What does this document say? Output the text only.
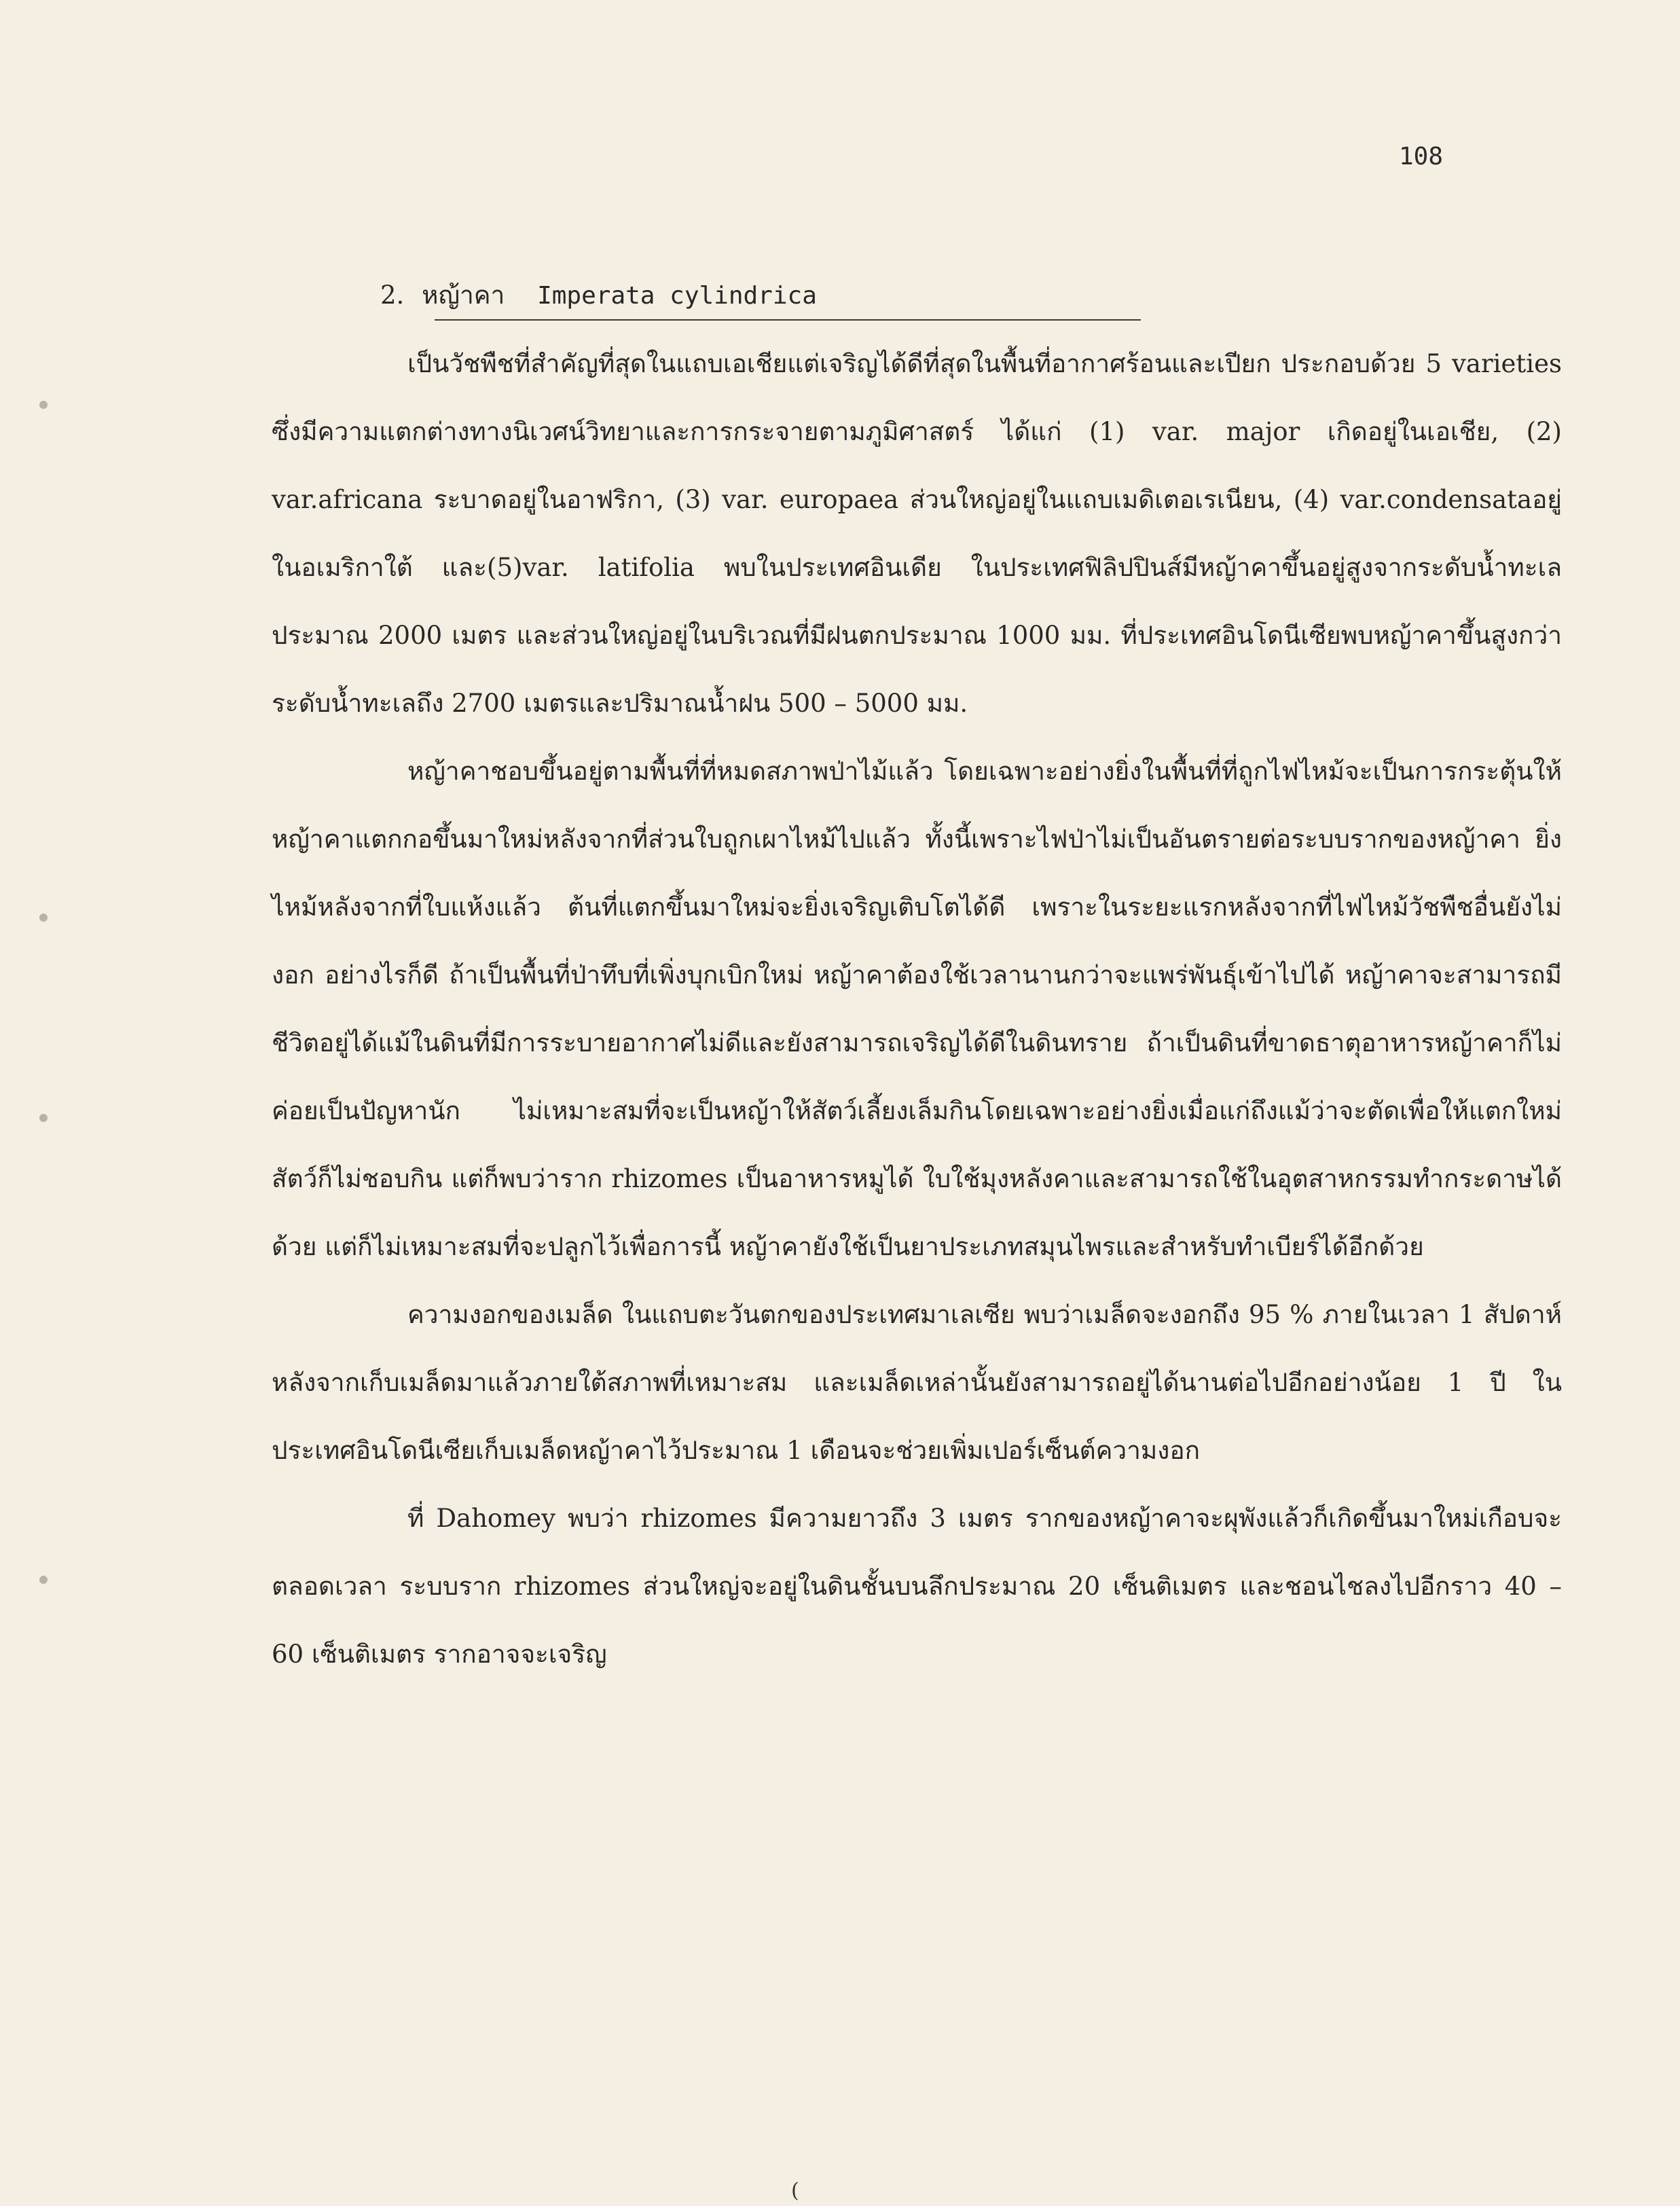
108
2. หญ้าคา Imperata cylindrica

เป็นวัชพืชที่สำคัญที่สุดในแถบเอเชียแต่เจริญได้ดีที่สุดในพื้นที่อากาศร้อนและเปียก ประกอบด้วย 5 varieties ซึ่งมีความแตกต่างทางนิเวศน์วิทยาและการกระจายตามภูมิศาสตร์ ได้แก่ (1) var. major เกิดอยู่ในเอเชีย, (2) var.africana ระบาดอยู่ในอาฟริกา, (3) var. europaea ส่วนใหญ่อยู่ในแถบเมดิเตอเรเนียน, (4) var.condensataอยู่ในอเมริกาใต้ และ(5)var. latifolia พบในประเทศอินเดีย ในประเทศฟิลิปปินส์มีหญ้าคาขึ้นอยู่สูงจากระดับน้ำทะเลประมาณ 2000 เมตร และส่วนใหญ่อยู่ในบริเวณที่มีฝนตกประมาณ 1000 มม. ที่ประเทศอินโดนีเซียพบหญ้าคาขึ้นสูงกว่าระดับน้ำทะเลถึง 2700 เมตรและปริมาณน้ำฝน 500 – 5000 มม.

หญ้าคาชอบขึ้นอยู่ตามพื้นที่ที่หมดสภาพป่าไม้แล้ว โดยเฉพาะอย่างยิ่งในพื้นที่ที่ถูกไฟไหม้จะเป็นการกระตุ้นให้หญ้าคาแตกกอขึ้นมาใหม่หลังจากที่ส่วนใบถูกเผาไหม้ไปแล้ว ทั้งนี้เพราะไฟป่าไม่เป็นอันตรายต่อระบบรากของหญ้าคา ยิ่งไหม้หลังจากที่ใบแห้งแล้ว ต้นที่แตกขึ้นมาใหม่จะยิ่งเจริญเติบโตได้ดี เพราะในระยะแรกหลังจากที่ไฟไหม้วัชพืชอื่นยังไม่งอก อย่างไรก็ดี ถ้าเป็นพื้นที่ป่าทึบที่เพิ่งบุกเบิกใหม่ หญ้าคาต้องใช้เวลานานกว่าจะแพร่พันธุ์เข้าไปได้ หญ้าคาจะสามารถมีชีวิตอยู่ได้แม้ในดินที่มีการระบายอากาศไม่ดีและยังสามารถเจริญได้ดีในดินทราย ถ้าเป็นดินที่ขาดธาตุอาหารหญ้าคาก็ไม่ค่อยเป็นปัญหานัก ไม่เหมาะสมที่จะเป็นหญ้าให้สัตว์เลี้ยงเล็มกินโดยเฉพาะอย่างยิ่งเมื่อแก่ถึงแม้ว่าจะตัดเพื่อให้แตกใหม่สัตว์ก็ไม่ชอบกิน แต่ก็พบว่าราก rhizomes เป็นอาหารหมูได้ ใบใช้มุงหลังคาและสามารถใช้ในอุตสาหกรรมทำกระดาษได้ด้วย แต่ก็ไม่เหมาะสมที่จะปลูกไว้เพื่อการนี้ หญ้าคายังใช้เป็นยาประเภทสมุนไพรและสำหรับทำเบียร์ได้อีกด้วย

ความงอกของเมล็ด ในแถบตะวันตกของประเทศมาเลเซีย พบว่าเมล็ดจะงอกถึง 95 % ภายในเวลา 1 สัปดาห์หลังจากเก็บเมล็ดมาแล้วภายใต้สภาพที่เหมาะสม และเมล็ดเหล่านั้นยังสามารถอยู่ได้นานต่อไปอีกอย่างน้อย 1 ปี ในประเทศอินโดนีเซียเก็บเมล็ดหญ้าคาไว้ประมาณ 1 เดือนจะช่วยเพิ่มเปอร์เซ็นต์ความงอก

ที่ Dahomey พบว่า rhizomes มีความยาวถึง 3 เมตร รากของหญ้าคาจะผุพังแล้วก็เกิดขึ้นมาใหม่เกือบจะตลอดเวลา ระบบราก rhizomes ส่วนใหญ่จะอยู่ในดินชั้นบนลึกประมาณ 20 เซ็นติเมตร และชอนไชลงไปอีกราว 40 – 60 เซ็นติเมตร รากอาจจะเจริญ

(
